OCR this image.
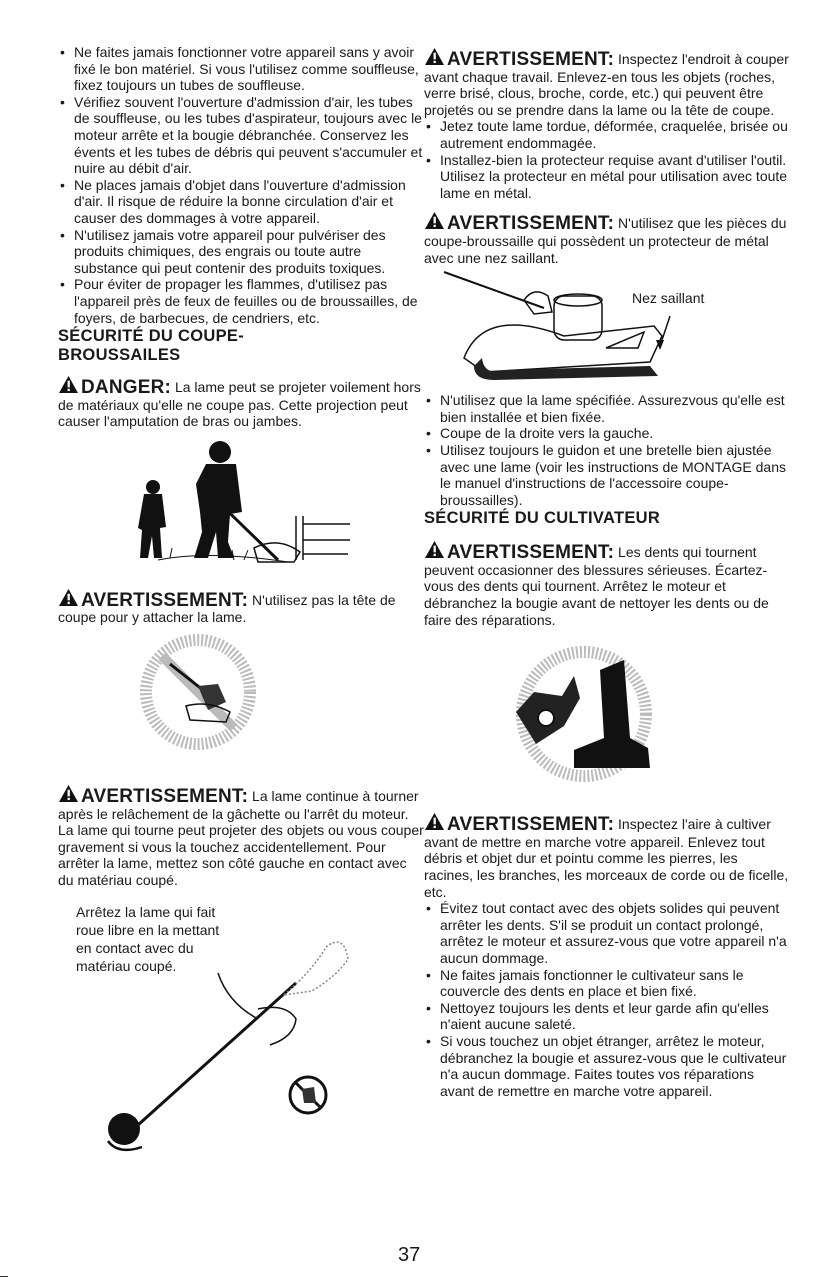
• Ne faites jamais fonctionner votre appareil sans y avoir fixé le bon matériel. Si vous l'utilisez comme souffleuse, fixez toujours un tubes de souffleuse.
• Vérifiez souvent l'ouverture d'admission d'air, les tubes de souffleuse, ou les tubes d'aspirateur, toujours avec le moteur arrête et la bougie débranchée. Conservez les évents et les tubes de débris qui peuvent s'accumuler et nuire au débit d'air.
• Ne places jamais d'objet dans l'ouverture d'admission d'air. Il risque de réduire la bonne circulation d'air et causer des dommages à votre appareil.
• N'utilisez jamais votre appareil pour pulvériser des produits chimiques, des engrais ou toute autre substance qui peut contenir des produits toxiques.
• Pour éviter de propager les flammes, d'utilisez pas l'appareil près de feux de feuilles ou de broussailles, de foyers, de barbecues, de cendriers, etc.
SÉCURITÉ DU COUPE-BROUSSAILES
DANGER: La lame peut se projeter voilement hors de matériaux qu'elle ne coupe pas. Cette projection peut causer l'amputation de bras ou jambes.
AVERTISSEMENT: N'utilisez pas la tête de coupe pour y attacher la lame.
AVERTISSEMENT: La lame continue à tourner après le relâchement de la gâchette ou l'arrêt du moteur. La lame qui tourne peut projeter des objets ou vous couper gravement si vous la touchez accidentellement. Pour arrêter la lame, mettez son côté gauche en contact avec du matériau coupé.
Arrêtez la lame qui fait roue libre en la mettant en contact avec du matériau coupé.
AVERTISSEMENT: Inspectez l'endroit à couper avant chaque travail. Enlevez-en tous les objets (roches, verre brisé, clous, broche, corde, etc.) qui peuvent être projetés ou se prendre dans la lame ou la tête de coupe.
• Jetez toute lame tordue, déformée, craquelée, brisée ou autrement endommagée.
• Installez-bien la protecteur requise avant d'utiliser l'outil. Utilisez la protecteur en métal pour utilisation avec toute lame en métal.
AVERTISSEMENT: N'utilisez que les pièces du coupe-broussaille qui possèdent un protecteur de métal avec une nez saillant.
Nez saillant
• N'utilisez que la lame spécifiée. Assurezvous qu'elle est bien installée et bien fixée.
• Coupe de la droite vers la gauche.
• Utilisez toujours le guidon et une bretelle bien ajustée avec une lame (voir les instructions de MONTAGE dans le manuel d'instructions de l'accessoire coupe-broussailles).
SÉCURITÉ DU CULTIVATEUR
AVERTISSEMENT: Les dents qui tournent peuvent occasionner des blessures sérieuses. Écartez-vous des dents qui tournent. Arrêtez le moteur et débranchez la bougie avant de nettoyer les dents ou de faire des réparations.
AVERTISSEMENT: Inspectez l'aire à cultiver avant de mettre en marche votre appareil. Enlevez tout débris et objet dur et pointu comme les pierres, les racines, les branches, les morceaux de corde ou de ficelle, etc.
• Évitez tout contact avec des objets solides qui peuvent arrêter les dents. S'il se produit un contact prolongé, arrêtez le moteur et assurez-vous que votre appareil n'a aucun dommage.
• Ne faites jamais fonctionner le cultivateur sans le couvercle des dents en place et bien fixé.
• Nettoyez toujours les dents et leur garde afin qu'elles n'aient aucune saleté.
• Si vous touchez un objet étranger, arrêtez le moteur, débranchez la bougie et assurez-vous que le cultivateur n'a aucun dommage. Faites toutes vos réparations avant de remettre en marche votre appareil.
37
